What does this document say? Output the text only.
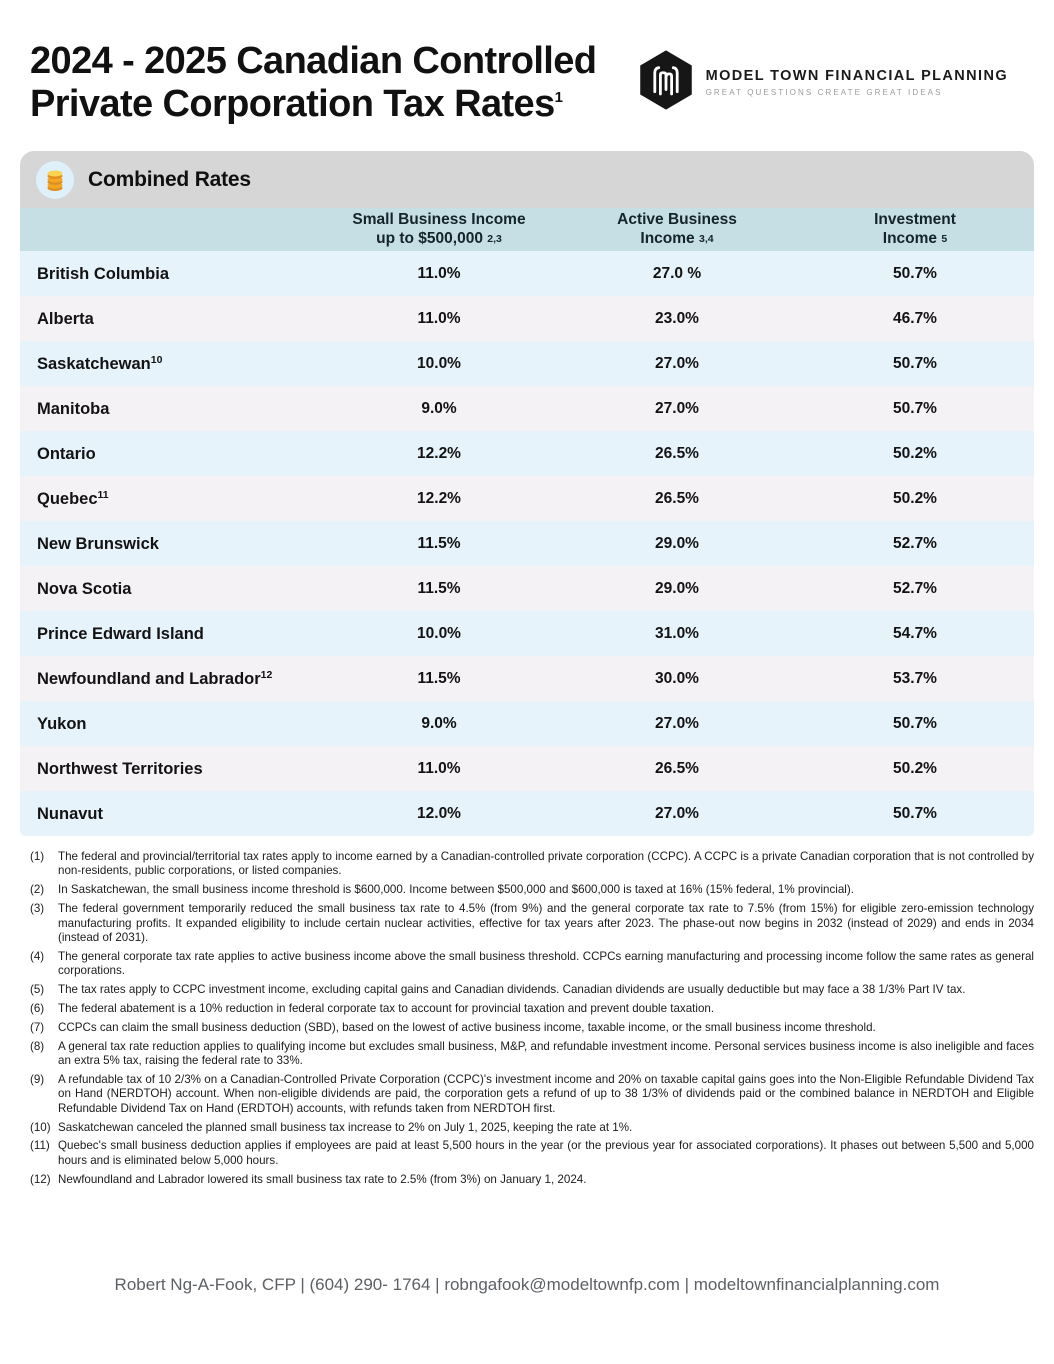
2024 - 2025 Canadian Controlled
Private Corporation Tax Rates$^1$
MODEL TOWN FINANCIAL PLANNING
GREAT QUESTIONS CREATE GREAT IDEAS
Combined Rates
Small Business Income
up to $500,000 2,3
Active Business
Income 3,4
Investment
Income 5
British Columbia	11.0%	27.0 %	50.7%
Alberta	11.0%	23.0%	46.7%
Saskatchewan$^{10}$	10.0%	27.0%	50.7%
Manitoba	9.0%	27.0%	50.7%
Ontario	12.2%	26.5%	50.2%
Quebec$^{11}$	12.2%	26.5%	50.2%
New Brunswick	11.5%	29.0%	52.7%
Nova Scotia	11.5%	29.0%	52.7%
Prince Edward Island	10.0%	31.0%	54.7%
Newfoundland and Labrador$^{12}$	11.5%	30.0%	53.7%
Yukon	9.0%	27.0%	50.7%
Northwest Territories	11.0%	26.5%	50.2%
Nunavut	12.0%	27.0%	50.7%
(1)	The federal and provincial/territorial tax rates apply to income earned by a Canadian-controlled private corporation (CCPC). A CCPC is a private Canadian corporation that is not controlled by non-residents, public corporations, or listed companies.
(2)	In Saskatchewan, the small business income threshold is $600,000. Income between $500,000 and $600,000 is taxed at 16% (15% federal, 1% provincial).
(3)	The federal government temporarily reduced the small business tax rate to 4.5% (from 9%) and the general corporate tax rate to 7.5% (from 15%) for eligible zero-emission technology manufacturing profits. It expanded eligibility to include certain nuclear activities, effective for tax years after 2023. The phase-out now begins in 2032 (instead of 2029) and ends in 2034 (instead of 2031).
(4)	The general corporate tax rate applies to active business income above the small business threshold. CCPCs earning manufacturing and processing income follow the same rates as general corporations.
(5)	The tax rates apply to CCPC investment income, excluding capital gains and Canadian dividends. Canadian dividends are usually deductible but may face a 38 1/3% Part IV tax.
(6)	The federal abatement is a 10% reduction in federal corporate tax to account for provincial taxation and prevent double taxation.
(7)	CCPCs can claim the small business deduction (SBD), based on the lowest of active business income, taxable income, or the small business income threshold.
(8)	A general tax rate reduction applies to qualifying income but excludes small business, M&P, and refundable investment income. Personal services business income is also ineligible and faces an extra 5% tax, raising the federal rate to 33%.
(9)	A refundable tax of 10 2/3% on a Canadian-Controlled Private Corporation (CCPC)'s investment income and 20% on taxable capital gains goes into the Non-Eligible Refundable Dividend Tax on Hand (NERDTOH) account. When non-eligible dividends are paid, the corporation gets a refund of up to 38 1/3% of dividends paid or the combined balance in NERDTOH and Eligible Refundable Dividend Tax on Hand (ERDTOH) accounts, with refunds taken from NERDTOH first.
(10) Saskatchewan canceled the planned small business tax increase to 2% on July 1, 2025, keeping the rate at 1%.
(11) Quebec's small business deduction applies if employees are paid at least 5,500 hours in the year (or the previous year for associated corporations). It phases out between 5,500 and 5,000 hours and is eliminated below 5,000 hours.
(12) Newfoundland and Labrador lowered its small business tax rate to 2.5% (from 3%) on January 1, 2024.
Robert Ng-A-Fook, CFP | (604) 290- 1764 | robngafook@modeltownfp.com | modeltownfinancialplanning.com
